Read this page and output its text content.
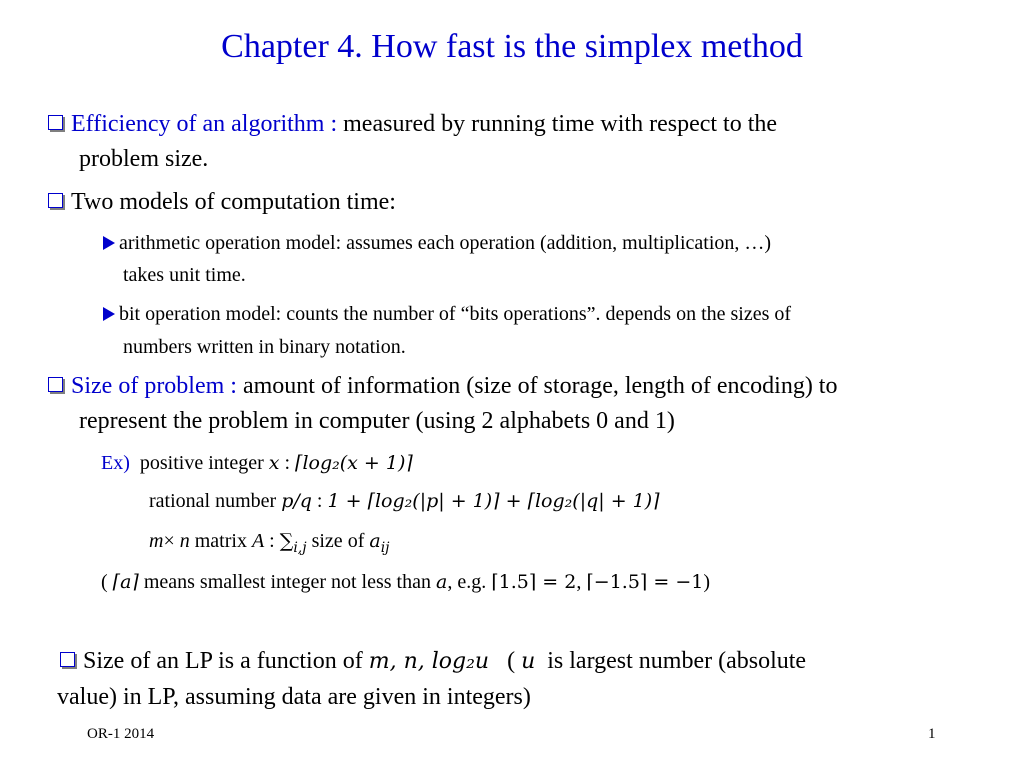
Chapter 4. How fast is the simplex method
Efficiency of an algorithm : measured by running time with respect to the
problem size.
Two models of computation time:
arithmetic operation model: assumes each operation (addition, multiplication, …)
takes unit time.
bit operation model: counts the number of “bits operations”. depends on the sizes of
numbers written in binary notation.
Size of problem : amount of information (size of storage, length of encoding) to
represent the problem in computer (using 2 alphabets 0 and 1)
Ex) positive integer x : ⌈log₂(x + 1)⌉
rational number p/q : 1 + ⌈log₂(|p| + 1)⌉ + ⌈log₂(|q| + 1)⌉
m× n matrix A : $\sum_{i,j}$ size of $a_{ij}$
( ⌈a⌉ means smallest integer not less than a, e.g. ⌈1.5⌉ = 2, ⌈−1.5⌉ = −1)
Size of an LP is a function of m, n, log₂u   ( u  is largest number (absolute
value) in LP, assuming data are given in integers)
OR-1 2014	1
